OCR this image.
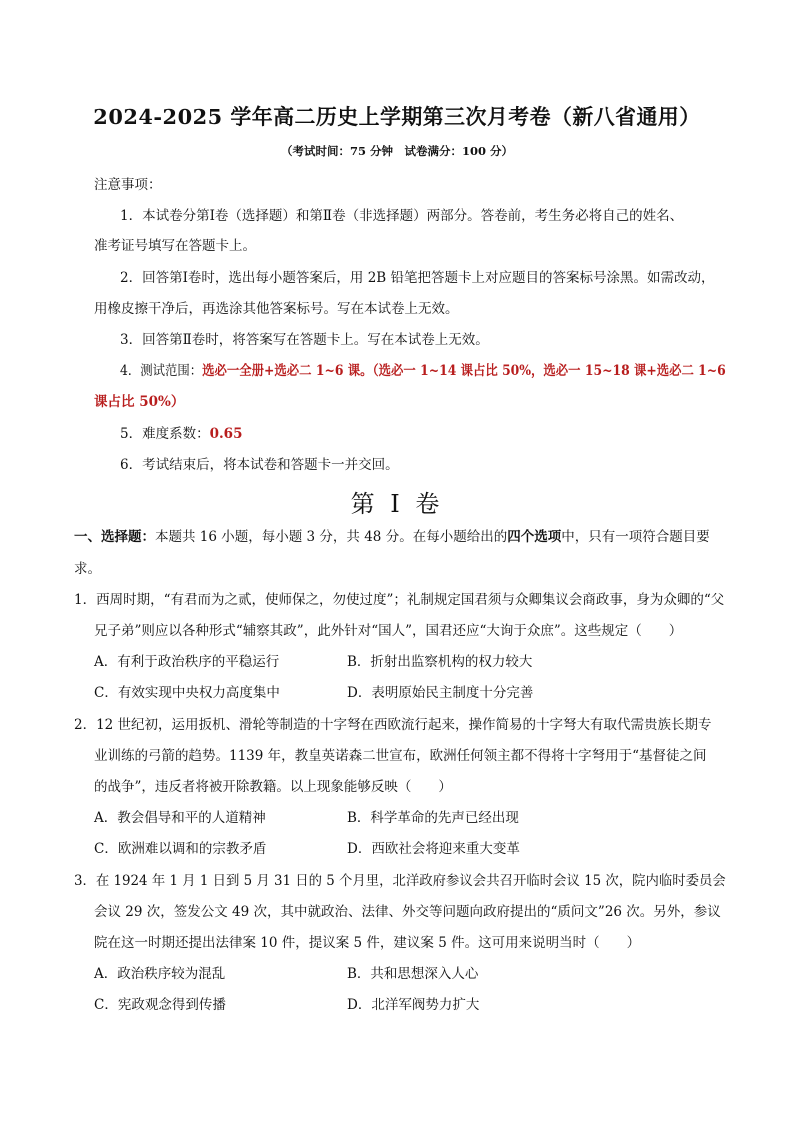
2024-2025 学年高二历史上学期第三次月考卷（新八省通用）
（考试时间：75 分钟　试卷满分：100 分）
注意事项：
1．本试卷分第Ⅰ卷（选择题）和第Ⅱ卷（非选择题）两部分。答卷前，考生务必将自己的姓名、
准考证号填写在答题卡上。
2．回答第Ⅰ卷时，选出每小题答案后，用 2B 铅笔把答题卡上对应题目的答案标号涂黑。如需改动，
用橡皮擦干净后，再选涂其他答案标号。写在本试卷上无效。
3．回答第Ⅱ卷时，将答案写在答题卡上。写在本试卷上无效。
4．测试范围：选必一全册+选必二 1~6 课。（选必一 1~14 课占比 50%，选必一 15~18 课+选必二 1~6
课占比 50%）
5．难度系数：0.65
6．考试结束后，将本试卷和答题卡一并交回。
第 I 卷
一、选择题：本题共 16 小题，每小题 3 分，共 48 分。在每小题给出的四个选项中，只有一项符合题目要
求。
1．西周时期，“有君而为之贰，使师保之，勿使过度”；礼制规定国君须与众卿集议会商政事，身为众卿的“父
兄子弟”则应以各种形式“辅察其政”，此外针对“国人”，国君还应“大询于众庶”。这些规定（　　）
A．有利于政治秩序的平稳运行	B．折射出监察机构的权力较大
C．有效实现中央权力高度集中	D．表明原始民主制度十分完善
2．12 世纪初，运用扳机、滑轮等制造的十字弩在西欧流行起来，操作简易的十字弩大有取代需贵族长期专
业训练的弓箭的趋势。1139 年，教皇英诺森二世宣布，欧洲任何领主都不得将十字弩用于“基督徒之间
的战争”，违反者将被开除教籍。以上现象能够反映（　　）
A．教会倡导和平的人道精神	B．科学革命的先声已经出现
C．欧洲难以调和的宗教矛盾	D．西欧社会将迎来重大变革
3．在 1924 年 1 月 1 日到 5 月 31 日的 5 个月里，北洋政府参议会共召开临时会议 15 次，院内临时委员会
会议 29 次，签发公文 49 次，其中就政治、法律、外交等问题向政府提出的“质问文”26 次。另外，参议
院在这一时期还提出法律案 10 件，提议案 5 件，建议案 5 件。这可用来说明当时（　　）
A．政治秩序较为混乱	B．共和思想深入人心
C．宪政观念得到传播	D．北洋军阀势力扩大
